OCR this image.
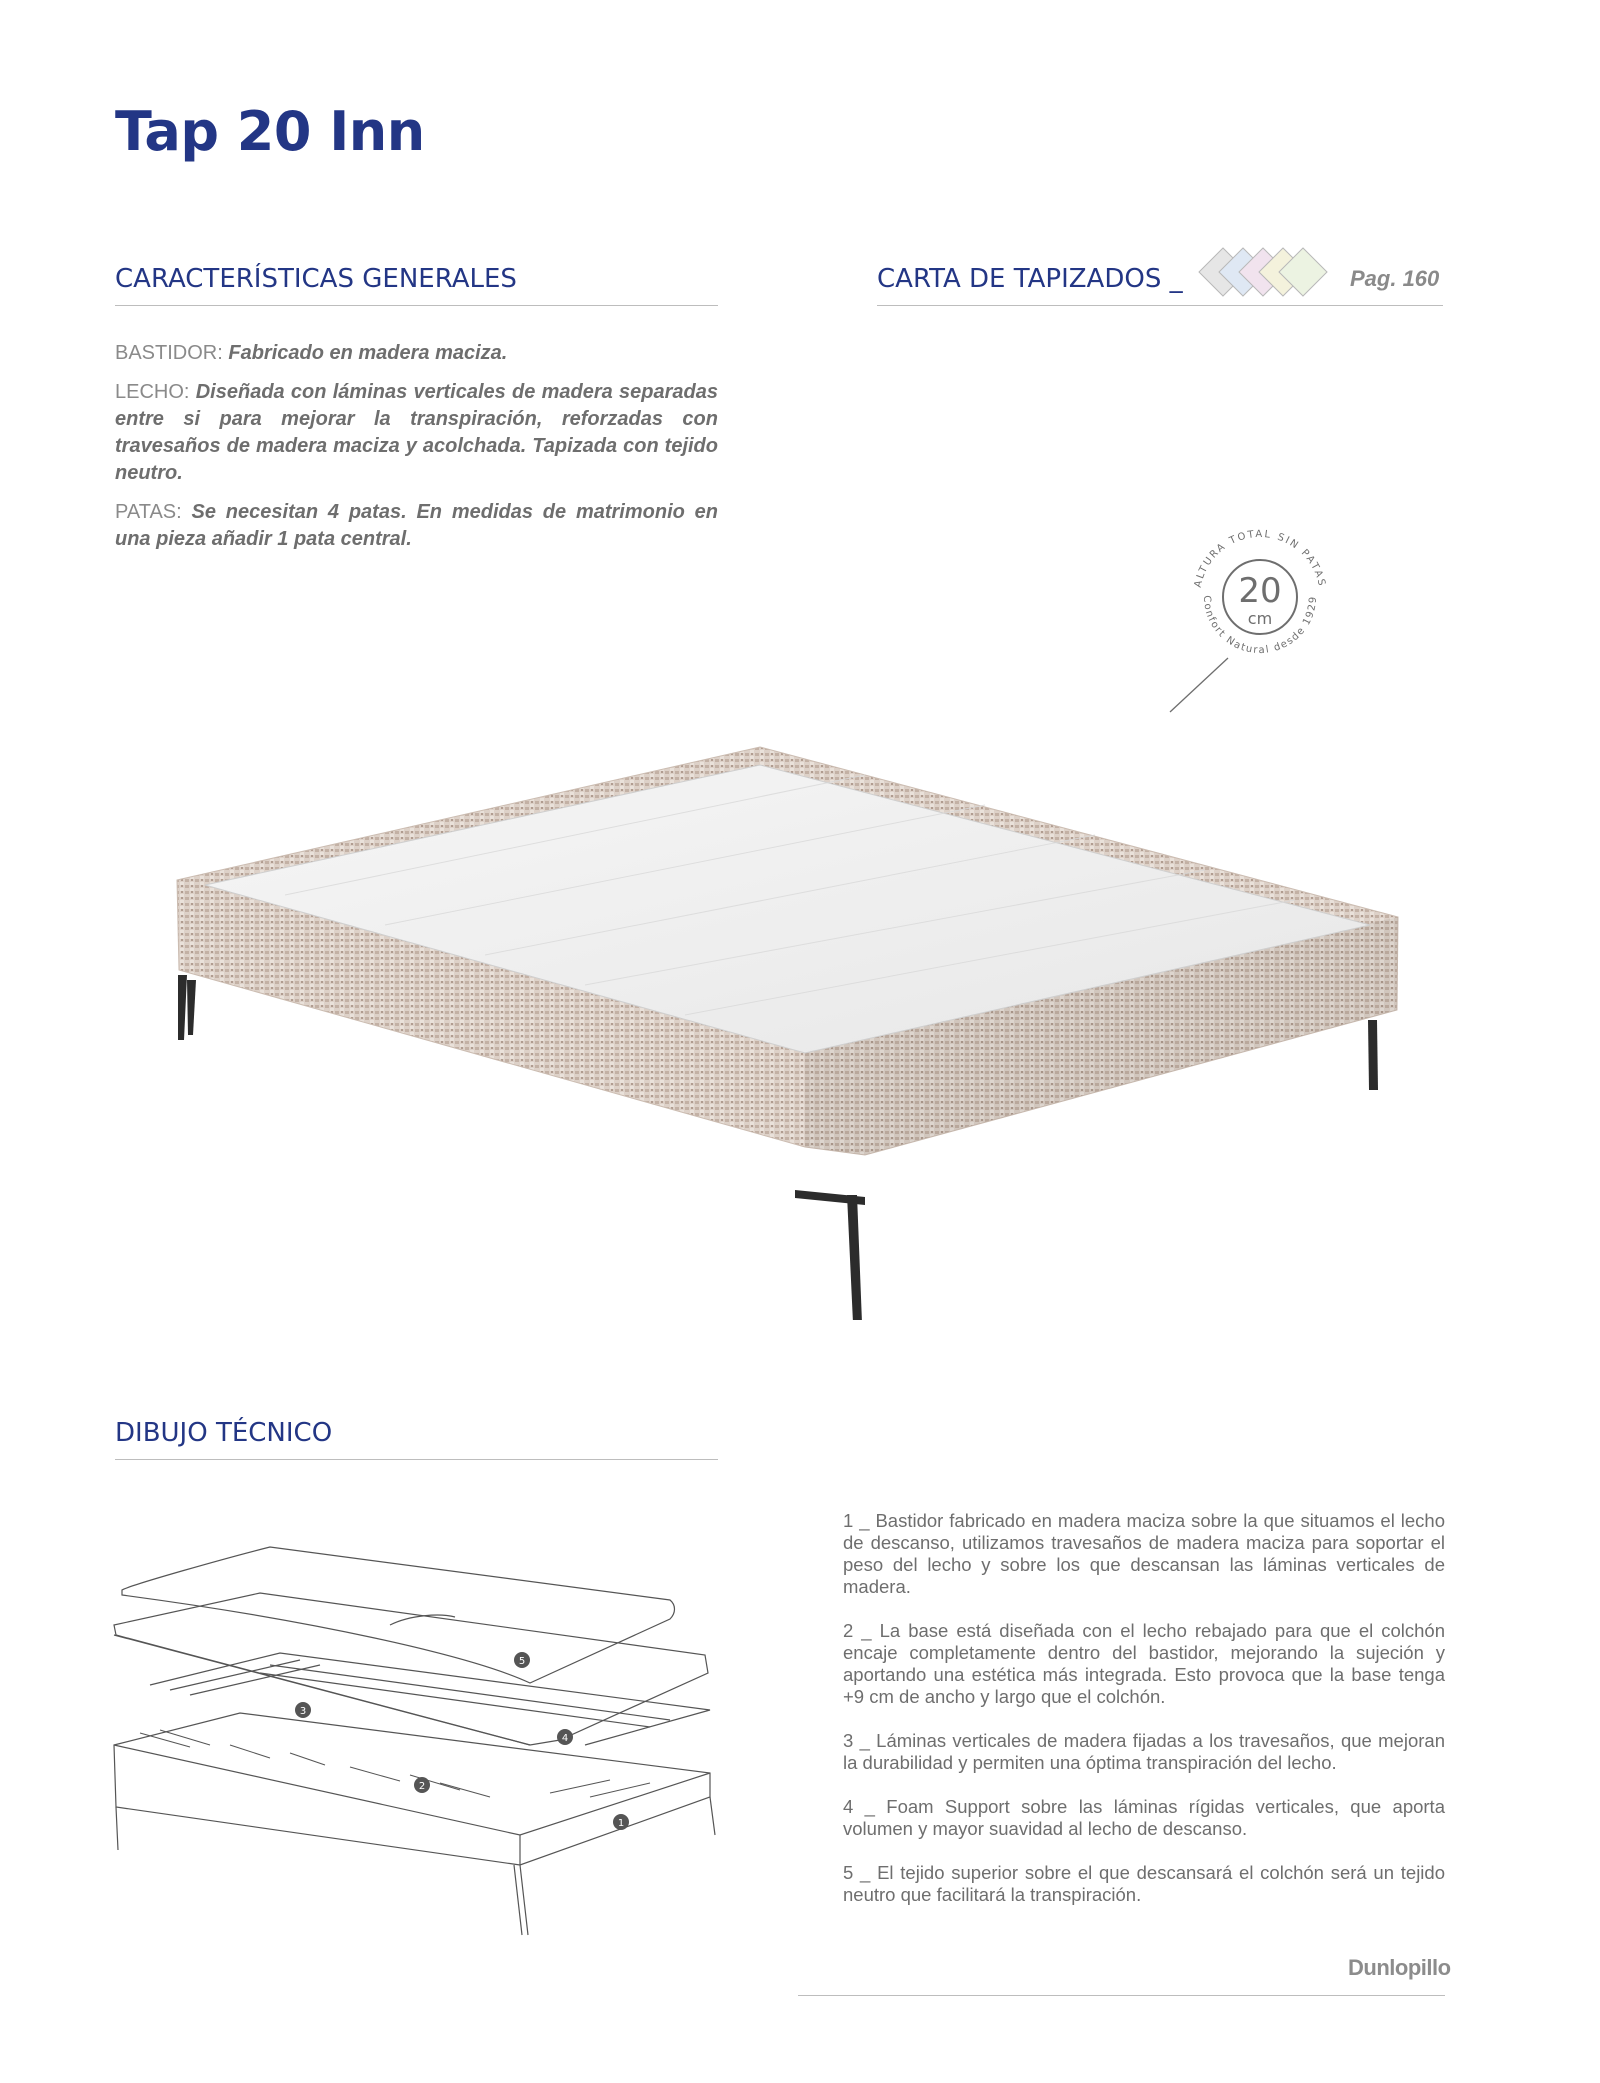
Tap 20 Inn
CARACTERÍSTICAS GENERALES

BASTIDOR: Fabricado en madera maciza.

LECHO: Diseñada con láminas verticales de madera separadas entre si para mejorar la transpiración, reforzadas con travesaños de madera maciza y acolchada. Tapizada con tejido neutro.

PATAS: Se necesitan 4 patas. En medidas de matrimonio en una pieza añadir 1 pata central.

CARTA DE TAPIZADOS _	Pag. 160
20
cm
ALTURA TOTAL SIN PATAS
Confort Natural desde 1929
DIBUJO TÉCNICO
5
3
4
2
1

1 _ Bastidor fabricado en madera maciza sobre la que situamos el lecho de descanso, utilizamos travesaños de madera maciza para soportar el peso del lecho y sobre los que descansan las láminas verticales de madera.

2 _ La base está diseñada con el lecho rebajado para que el colchón encaje completamente dentro del bastidor, mejorando la sujeción y aportando una estética más integrada. Esto provoca que la base tenga +9 cm de ancho y largo que el colchón.

3 _ Láminas verticales de madera fijadas a los travesaños, que mejoran la durabilidad y permiten una óptima transpiración del lecho.

4 _ Foam Support sobre las láminas rígidas verticales, que aporta volumen y mayor suavidad al lecho de descanso.

5 _ El tejido superior sobre el que descansará el colchón será un tejido neutro que facilitará la transpiración.

Dunlopillo
